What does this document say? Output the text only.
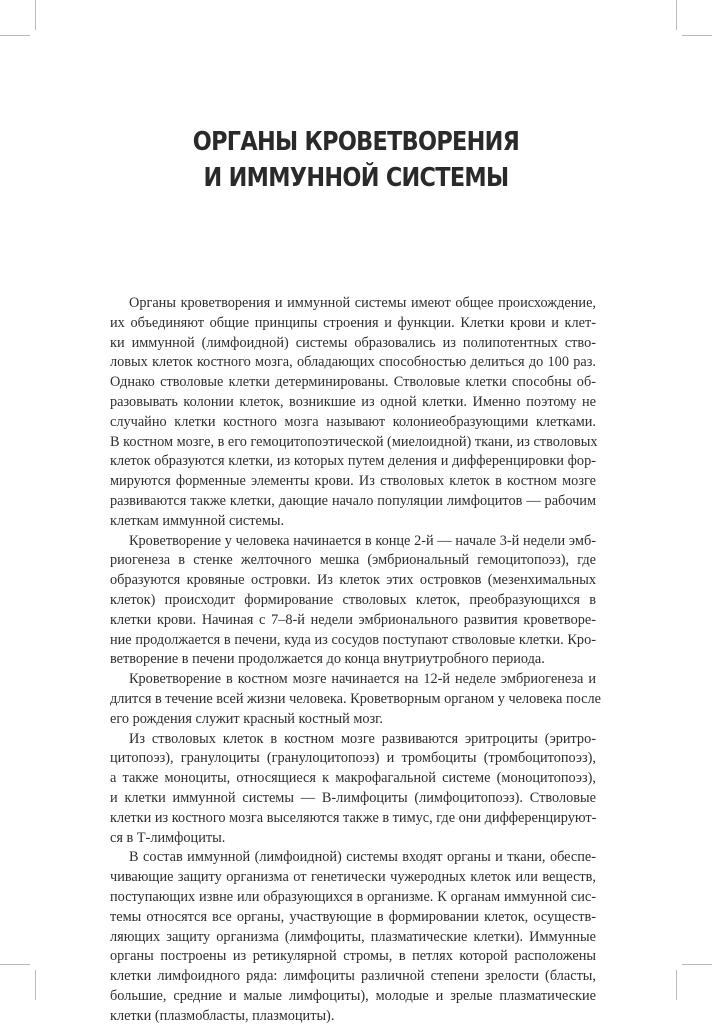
ОРГАНЫ КРОВЕТВОРЕНИЯ
И ИММУННОЙ СИСТЕМЫ
Органы кроветворения и иммунной системы имеют общее происхождение,
их объединяют общие принципы строения и функции. Клетки крови и клет-
ки иммунной (лимфоидной) системы образовались из полипотентных ство-
ловых клеток костного мозга, обладающих способностью делиться до 100 раз.
Однако стволовые клетки детерминированы. Стволовые клетки способны об-
разовывать колонии клеток, возникшие из одной клетки. Именно поэтому не
случайно клетки костного мозга называют колониеобразующими клетками.
В костном мозге, в его гемоцитопоэтической (миелоидной) ткани, из стволовых
клеток образуются клетки, из которых путем деления и дифференцировки фор-
мируются форменные элементы крови. Из стволовых клеток в костном мозге
развиваются также клетки, дающие начало популяции лимфоцитов — рабочим
клеткам иммунной системы.
Кроветворение у человека начинается в конце 2-й — начале 3-й недели эмб-
риогенеза в стенке желточного мешка (эмбриональный гемоцитопоэз), где
образуются кровяные островки. Из клеток этих островков (мезенхимальных
клеток) происходит формирование стволовых клеток, преобразующихся в
клетки крови. Начиная с 7–8-й недели эмбрионального развития кроветворе-
ние продолжается в печени, куда из сосудов поступают стволовые клетки. Кро-
ветворение в печени продолжается до конца внутриутробного периода.
Кроветворение в костном мозге начинается на 12-й неделе эмбриогенеза и
длится в течение всей жизни человека. Кроветворным органом у человека после
его рождения служит красный костный мозг.
Из стволовых клеток в костном мозге развиваются эритроциты (эритро-
цитопоэз), гранулоциты (гранулоцитопоэз) и тромбоциты (тромбоцитопоэз),
а также моноциты, относящиеся к макрофагальной системе (моноцитопоэз),
и клетки иммунной системы — В-лимфоциты (лимфоцитопоэз). Стволовые
клетки из костного мозга выселяются также в тимус, где они дифференцируют-
ся в Т-лимфоциты.
В состав иммунной (лимфоидной) системы входят органы и ткани, обеспе-
чивающие защиту организма от генетически чужеродных клеток или веществ,
поступающих извне или образующихся в организме. К органам иммунной сис-
темы относятся все органы, участвующие в формировании клеток, осуществ-
ляющих защиту организма (лимфоциты, плазматические клетки). Иммунные
органы построены из ретикулярной стромы, в петлях которой расположены
клетки лимфоидного ряда: лимфоциты различной степени зрелости (бласты,
большие, средние и малые лимфоциты), молодые и зрелые плазматические
клетки (плазмобласты, плазмоциты).
